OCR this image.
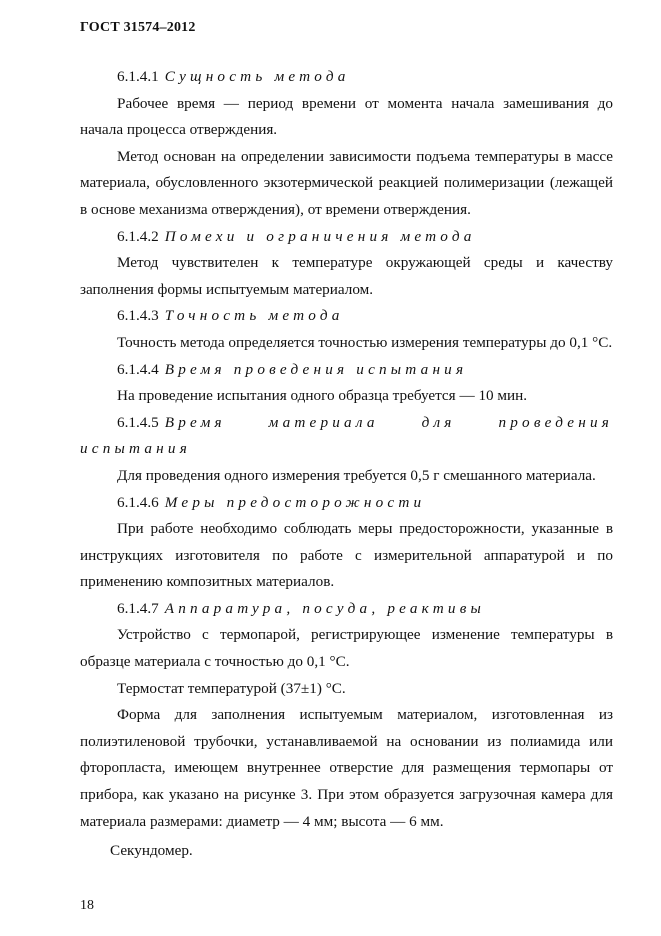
ГОСТ 31574–2012

6.1.4.1 Сущность метода

Рабочее время — период времени от момента начала замешивания до начала процесса отверждения.

Метод основан на определении зависимости подъема температуры в массе материала, обусловленного экзотермической реакцией полимеризации (лежащей в основе механизма отверждения), от времени отверждения.

6.1.4.2 Помехи и ограничения метода

Метод чувствителен к температуре окружающей среды и качеству заполнения формы испытуемым материалом.

6.1.4.3 Точность метода

Точность метода определяется точностью измерения температуры до 0,1 °С.

6.1.4.4 Время проведения испытания

На проведение испытания одного образца требуется — 10 мин.

6.1.4.5 Время материала для проведения испытания

Для проведения одного измерения требуется 0,5 г смешанного материала.

6.1.4.6 Меры предосторожности

При работе необходимо соблюдать меры предосторожности, указанные в инструкциях изготовителя по работе с измерительной аппаратурой и по применению композитных материалов.

6.1.4.7 Аппаратура, посуда, реактивы

Устройство с термопарой, регистрирующее изменение температуры в образце материала с точностью до 0,1 °С.

Термостат температурой (37±1) °С.

Форма для заполнения испытуемым материалом, изготовленная из полиэтиленовой трубочки, устанавливаемой на основании из полиамида или фторопласта, имеющем внутреннее отверстие для размещения термопары от прибора, как указано на рисунке 3. При этом образуется загрузочная камера для материала размерами: диаметр — 4 мм; высота — 6 мм.

Секундомер.

18
